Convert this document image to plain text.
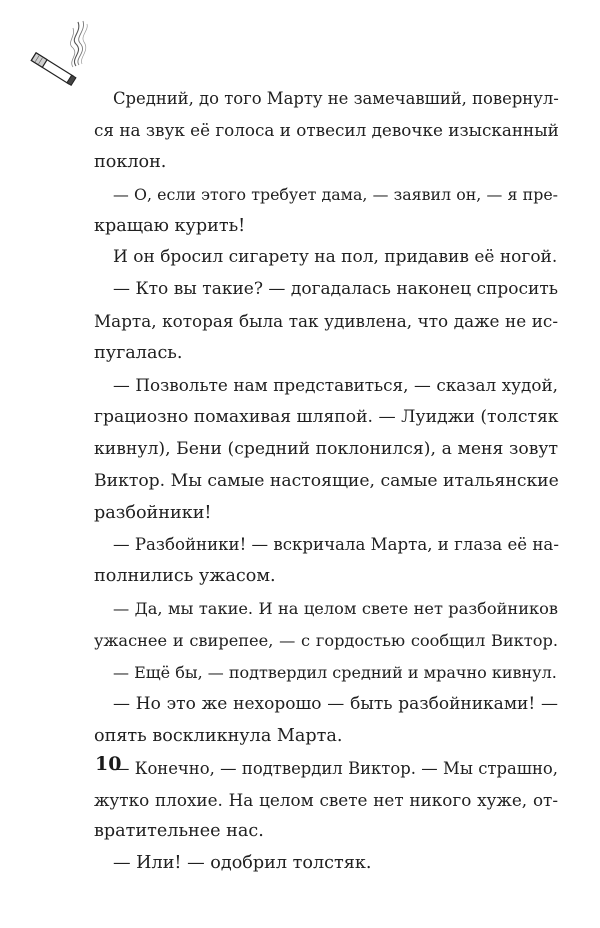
Средний, до того Марту не замечавший, повернул-
ся на звук её голоса и отвесил девочке изысканный
поклон.
— О, если этого требует дама, — заявил он, — я пре-
кращаю курить!
И он бросил сигарету на пол, придавив её ногой.
— Кто вы такие? — догадалась наконец спросить
Марта, которая была так удивлена, что даже не ис-
пугалась.
— Позвольте нам представиться, — сказал худой,
грациозно помахивая шляпой. — Луиджи (толстяк
кивнул), Бени (средний поклонился), а меня зовут
Виктор. Мы самые настоящие, самые итальянские
разбойники!
— Разбойники! — вскричала Марта, и глаза её на-
полнились ужасом.
— Да, мы такие. И на целом свете нет разбойников
ужаснее и свирепее, — с гордостью сообщил Виктор.
— Ещё бы, — подтвердил средний и мрачно кивнул.
— Но это же нехорошо — быть разбойниками! —
опять воскликнула Марта.
— Конечно, — подтвердил Виктор. — Мы страшно,
жутко плохие. На целом свете нет никого хуже, от-
вратительнее нас.
— Или! — одобрил толстяк.
10
